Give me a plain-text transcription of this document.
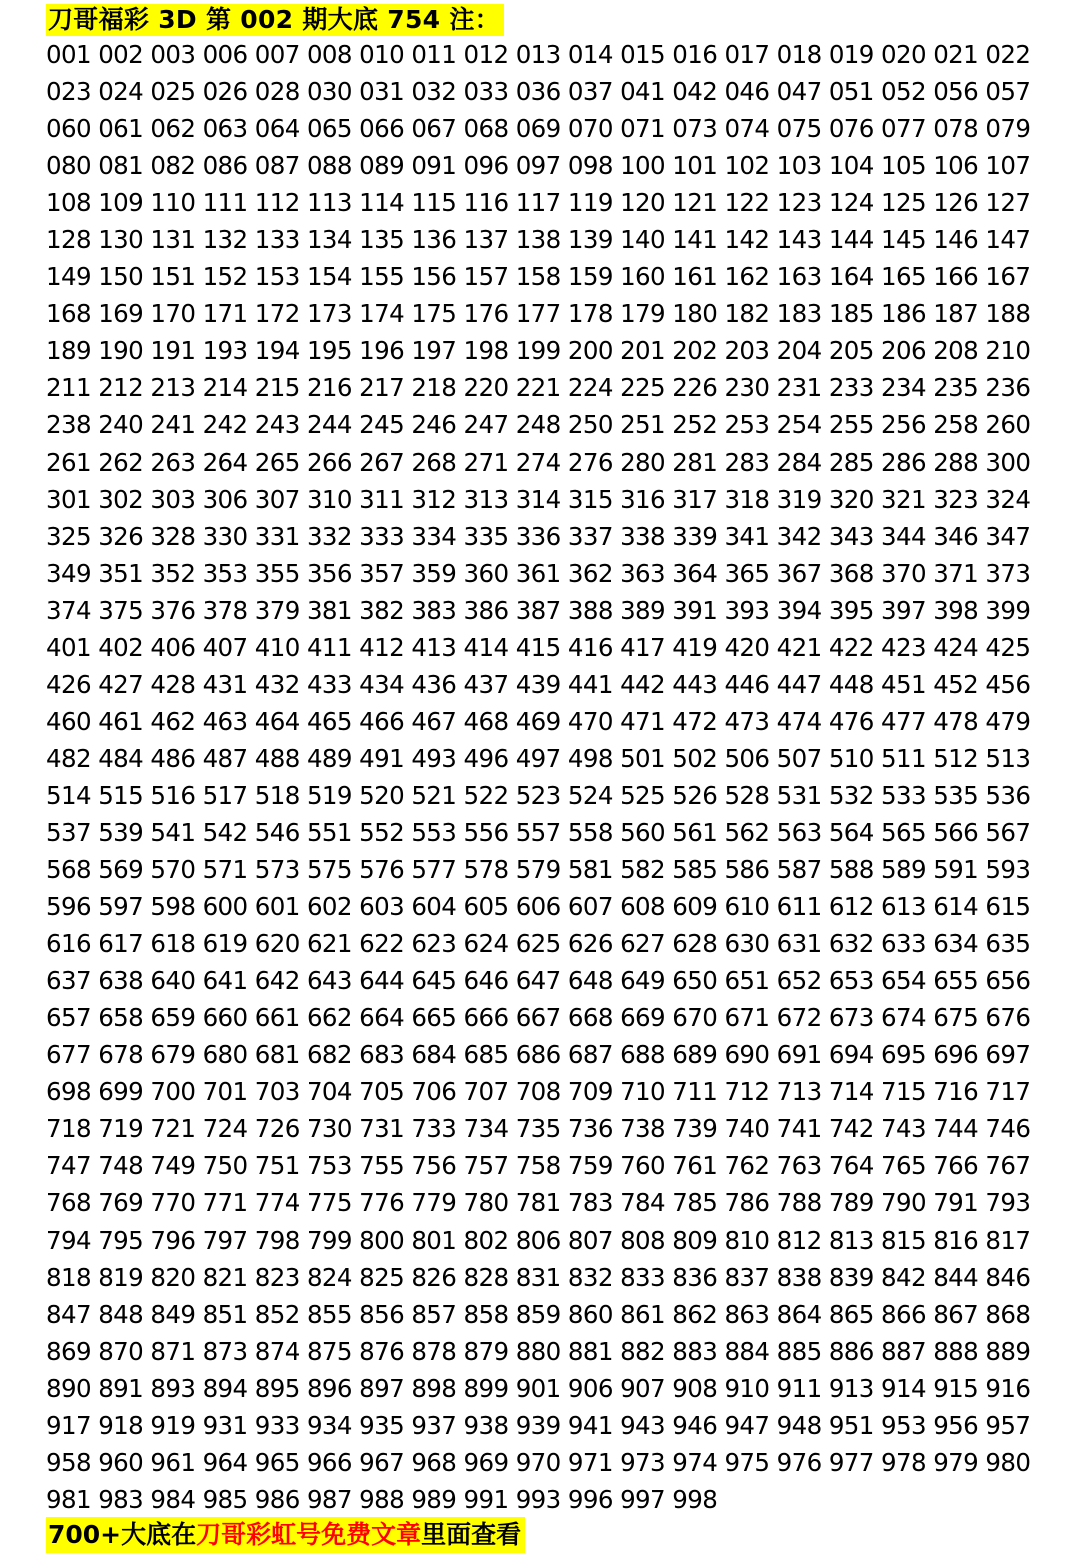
刀哥福彩 3D 第 002 期大底 754 注：
001 002 003 006 007 008 010 011 012 013 014 015 016 017 018 019 020 021 022
023 024 025 026 028 030 031 032 033 036 037 041 042 046 047 051 052 056 057
060 061 062 063 064 065 066 067 068 069 070 071 073 074 075 076 077 078 079
080 081 082 086 087 088 089 091 096 097 098 100 101 102 103 104 105 106 107
108 109 110 111 112 113 114 115 116 117 119 120 121 122 123 124 125 126 127
128 130 131 132 133 134 135 136 137 138 139 140 141 142 143 144 145 146 147
149 150 151 152 153 154 155 156 157 158 159 160 161 162 163 164 165 166 167
168 169 170 171 172 173 174 175 176 177 178 179 180 182 183 185 186 187 188
189 190 191 193 194 195 196 197 198 199 200 201 202 203 204 205 206 208 210
211 212 213 214 215 216 217 218 220 221 224 225 226 230 231 233 234 235 236
238 240 241 242 243 244 245 246 247 248 250 251 252 253 254 255 256 258 260
261 262 263 264 265 266 267 268 271 274 276 280 281 283 284 285 286 288 300
301 302 303 306 307 310 311 312 313 314 315 316 317 318 319 320 321 323 324
325 326 328 330 331 332 333 334 335 336 337 338 339 341 342 343 344 346 347
349 351 352 353 355 356 357 359 360 361 362 363 364 365 367 368 370 371 373
374 375 376 378 379 381 382 383 386 387 388 389 391 393 394 395 397 398 399
401 402 406 407 410 411 412 413 414 415 416 417 419 420 421 422 423 424 425
426 427 428 431 432 433 434 436 437 439 441 442 443 446 447 448 451 452 456
460 461 462 463 464 465 466 467 468 469 470 471 472 473 474 476 477 478 479
482 484 486 487 488 489 491 493 496 497 498 501 502 506 507 510 511 512 513
514 515 516 517 518 519 520 521 522 523 524 525 526 528 531 532 533 535 536
537 539 541 542 546 551 552 553 556 557 558 560 561 562 563 564 565 566 567
568 569 570 571 573 575 576 577 578 579 581 582 585 586 587 588 589 591 593
596 597 598 600 601 602 603 604 605 606 607 608 609 610 611 612 613 614 615
616 617 618 619 620 621 622 623 624 625 626 627 628 630 631 632 633 634 635
637 638 640 641 642 643 644 645 646 647 648 649 650 651 652 653 654 655 656
657 658 659 660 661 662 664 665 666 667 668 669 670 671 672 673 674 675 676
677 678 679 680 681 682 683 684 685 686 687 688 689 690 691 694 695 696 697
698 699 700 701 703 704 705 706 707 708 709 710 711 712 713 714 715 716 717
718 719 721 724 726 730 731 733 734 735 736 738 739 740 741 742 743 744 746
747 748 749 750 751 753 755 756 757 758 759 760 761 762 763 764 765 766 767
768 769 770 771 774 775 776 779 780 781 783 784 785 786 788 789 790 791 793
794 795 796 797 798 799 800 801 802 806 807 808 809 810 812 813 815 816 817
818 819 820 821 823 824 825 826 828 831 832 833 836 837 838 839 842 844 846
847 848 849 851 852 855 856 857 858 859 860 861 862 863 864 865 866 867 868
869 870 871 873 874 875 876 878 879 880 881 882 883 884 885 886 887 888 889
890 891 893 894 895 896 897 898 899 901 906 907 908 910 911 913 914 915 916
917 918 919 931 933 934 935 937 938 939 941 943 946 947 948 951 953 956 957
958 960 961 964 965 966 967 968 969 970 971 973 974 975 976 977 978 979 980
981 983 984 985 986 987 988 989 991 993 996 997 998
700+大底在刀哥彩虹号免费文章里面查看
